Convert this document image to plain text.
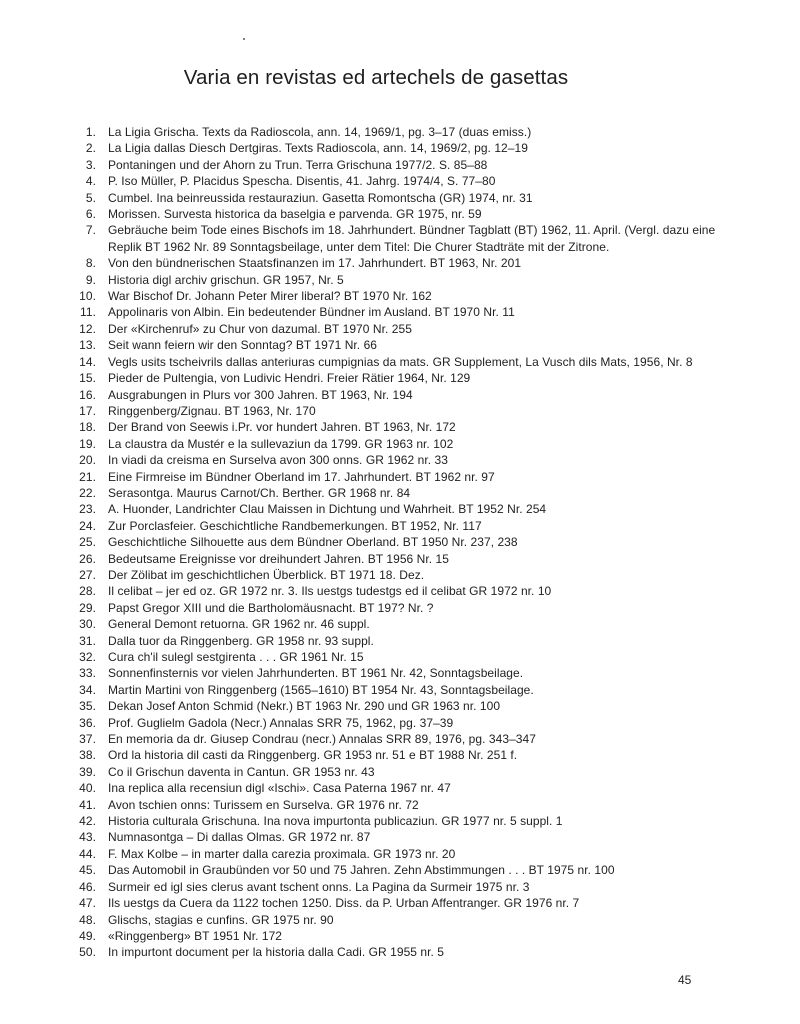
Varia en revistas ed artechels de gasettas
1. La Ligia Grischa. Texts da Radioscola, ann. 14, 1969/1, pg. 3–17 (duas emiss.)
2. La Ligia dallas Diesch Dertgiras. Texts Radioscola, ann. 14, 1969/2, pg. 12–19
3. Pontaningen und der Ahorn zu Trun. Terra Grischuna 1977/2. S. 85–88
4. P. Iso Müller, P. Placidus Spescha. Disentis, 41. Jahrg. 1974/4, S. 77–80
5. Cumbel. Ina beinreussida restauraziun. Gasetta Romontscha (GR) 1974, nr. 31
6. Morissen. Survesta historica da baselgia e parvenda. GR 1975, nr. 59
7. Gebräuche beim Tode eines Bischofs im 18. Jahrhundert. Bündner Tagblatt (BT) 1962, 11. April. (Vergl. dazu eine Replik BT 1962 Nr. 89 Sonntagsbeilage, unter dem Titel: Die Churer Stadträte mit der Zitrone.
8. Von den bündnerischen Staatsfinanzen im 17. Jahrhundert. BT 1963, Nr. 201
9. Historia digl archiv grischun. GR 1957, Nr. 5
10. War Bischof Dr. Johann Peter Mirer liberal? BT 1970 Nr. 162
11. Appolinaris von Albin. Ein bedeutender Bündner im Ausland. BT 1970 Nr. 11
12. Der «Kirchenruf» zu Chur von dazumal. BT 1970 Nr. 255
13. Seit wann feiern wir den Sonntag? BT 1971 Nr. 66
14. Vegls usits tscheivrils dallas anteriuras cumpignias da mats. GR Supplement, La Vusch dils Mats, 1956, Nr. 8
15. Pieder de Pultengia, von Ludivic Hendri. Freier Rätier 1964, Nr. 129
16. Ausgrabungen in Plurs vor 300 Jahren. BT 1963, Nr. 194
17. Ringgenberg/Zignau. BT 1963, Nr. 170
18. Der Brand von Seewis i.Pr. vor hundert Jahren. BT 1963, Nr. 172
19. La claustra da Mustér e la sullevaziun da 1799. GR 1963 nr. 102
20. In viadi da creisma en Surselva avon 300 onns. GR 1962 nr. 33
21. Eine Firmreise im Bündner Oberland im 17. Jahrhundert. BT 1962 nr. 97
22. Serasontga. Maurus Carnot/Ch. Berther. GR 1968 nr. 84
23. A. Huonder, Landrichter Clau Maissen in Dichtung und Wahrheit. BT 1952 Nr. 254
24. Zur Porclasfeier. Geschichtliche Randbemerkungen. BT 1952, Nr. 117
25. Geschichtliche Silhouette aus dem Bündner Oberland. BT 1950 Nr. 237, 238
26. Bedeutsame Ereignisse vor dreihundert Jahren. BT 1956 Nr. 15
27. Der Zölibat im geschichtlichen Überblick. BT 1971 18. Dez.
28. Il celibat – jer ed oz. GR 1972 nr. 3. Ils uestgs tudestgs ed il celibat GR 1972 nr. 10
29. Papst Gregor XIII und die Bartholomäusnacht. BT 197? Nr. ?
30. General Demont retuorna. GR 1962 nr. 46 suppl.
31. Dalla tuor da Ringgenberg. GR 1958 nr. 93 suppl.
32. Cura ch'il sulegl sestgirenta . . . GR 1961 Nr. 15
33. Sonnenfinsternis vor vielen Jahrhunderten. BT 1961 Nr. 42, Sonntagsbeilage.
34. Martin Martini von Ringgenberg (1565–1610) BT 1954 Nr. 43, Sonntagsbeilage.
35. Dekan Josef Anton Schmid (Nekr.) BT 1963 Nr. 290 und GR 1963 nr. 100
36. Prof. Guglielm Gadola (Necr.) Annalas SRR 75, 1962, pg. 37–39
37. En memoria da dr. Giusep Condrau (necr.) Annalas SRR 89, 1976, pg. 343–347
38. Ord la historia dil casti da Ringgenberg. GR 1953 nr. 51 e BT 1988 Nr. 251 f.
39. Co il Grischun daventa in Cantun. GR 1953 nr. 43
40. Ina replica alla recensiun digl «Ischi». Casa Paterna 1967 nr. 47
41. Avon tschien onns: Turissem en Surselva. GR 1976 nr. 72
42. Historia culturala Grischuna. Ina nova impurtonta publicaziun. GR 1977 nr. 5 suppl. 1
43. Numnasontga – Di dallas Olmas. GR 1972 nr. 87
44. F. Max Kolbe – in marter dalla carezia proximala. GR 1973 nr. 20
45. Das Automobil in Graubünden vor 50 und 75 Jahren. Zehn Abstimmungen . . . BT 1975 nr. 100
46. Surmeir ed igl sies clerus avant tschent onns. La Pagina da Surmeir 1975 nr. 3
47. Ils uestgs da Cuera da 1122 tochen 1250. Diss. da P. Urban Affentranger. GR 1976 nr. 7
48. Glischs, stagias e cunfins. GR 1975 nr. 90
49. «Ringgenberg» BT 1951 Nr. 172
50. In impurtont document per la historia dalla Cadi. GR 1955 nr. 5
45
